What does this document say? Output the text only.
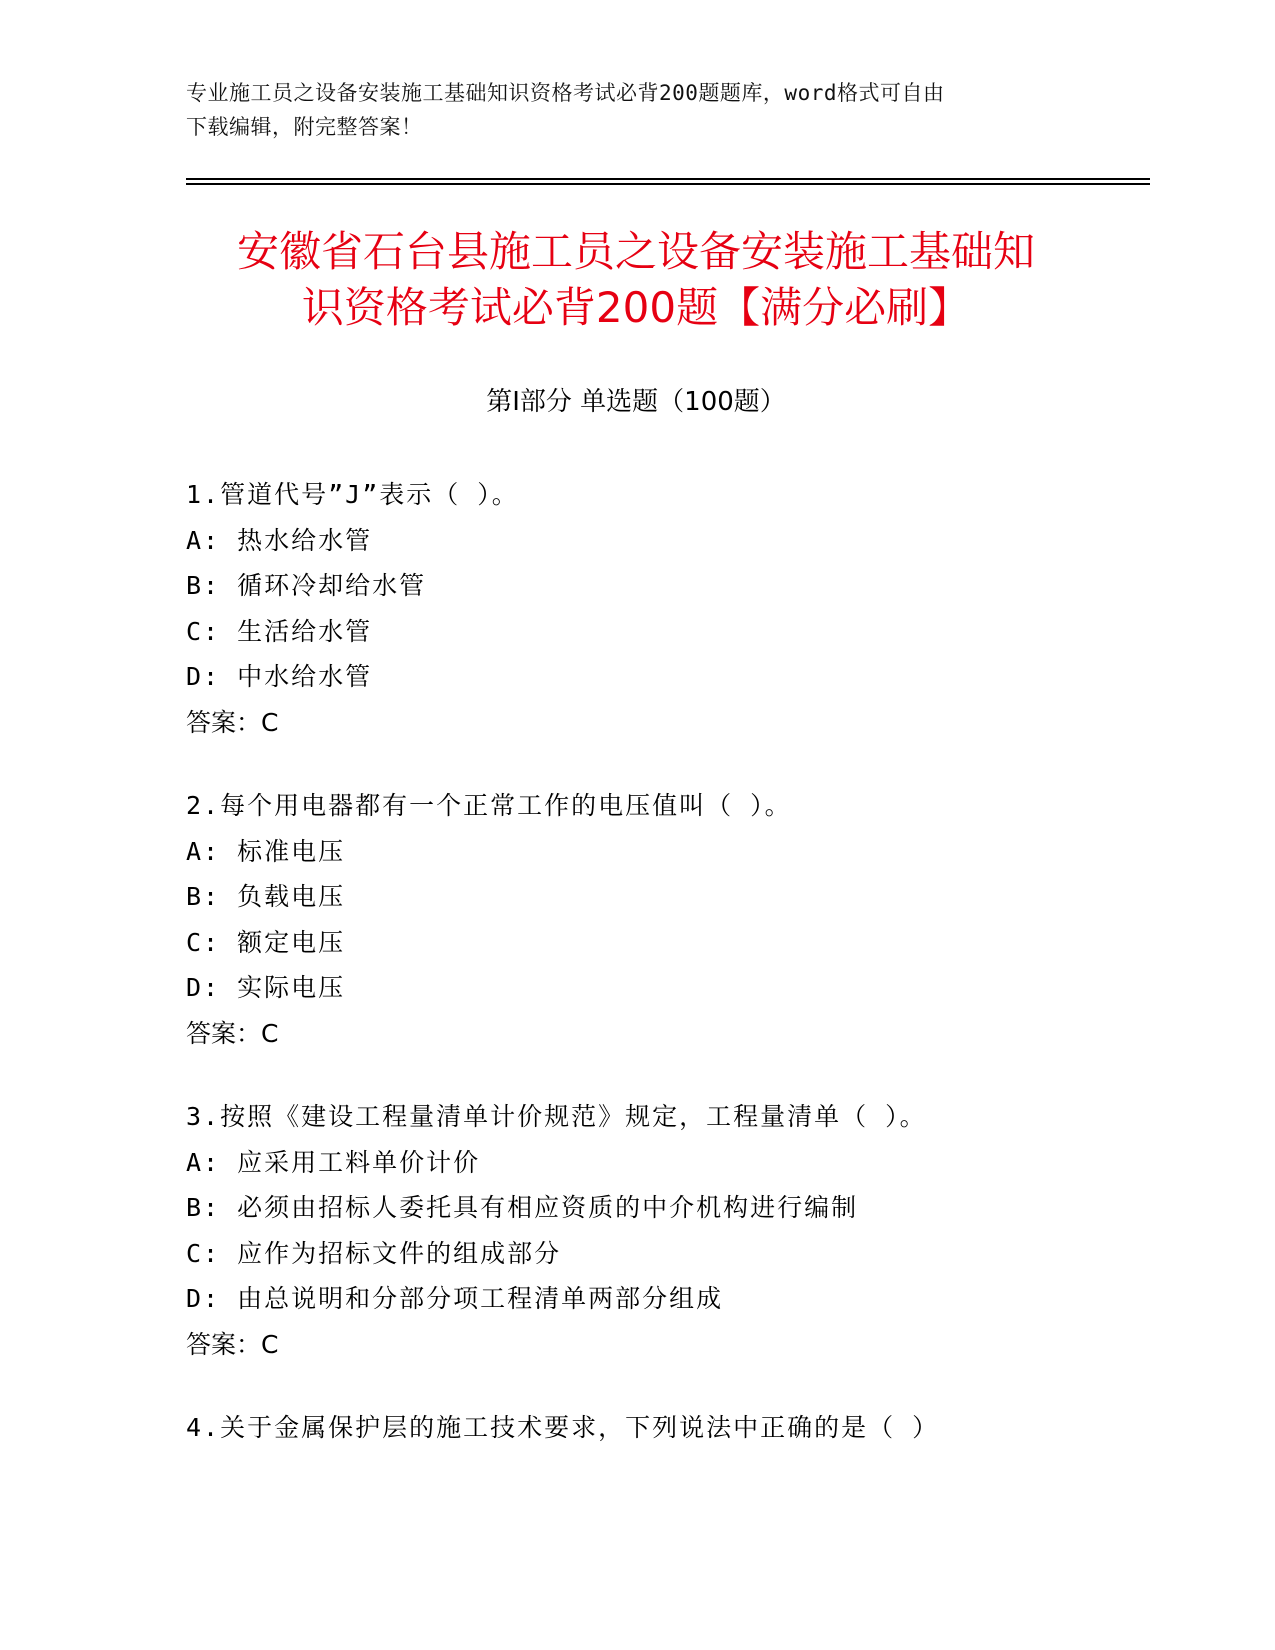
专业施工员之设备安装施工基础知识资格考试必背200题题库，word格式可自由
下载编辑，附完整答案！
安徽省石台县施工员之设备安装施工基础知
识资格考试必背200题【满分必刷】
第Ⅰ部分 单选题（100题）
1.管道代号”J”表示（ ）。
A: 热水给水管
B: 循环冷却给水管
C: 生活给水管
D: 中水给水管
答案：C
2.每个用电器都有一个正常工作的电压值叫（ ）。
A: 标准电压
B: 负载电压
C: 额定电压
D: 实际电压
答案：C
3.按照《建设工程量清单计价规范》规定，工程量清单（ ）。
A: 应采用工料单价计价
B: 必须由招标人委托具有相应资质的中介机构进行编制
C: 应作为招标文件的组成部分
D: 由总说明和分部分项工程清单两部分组成
答案：C
4.关于金属保护层的施工技术要求，下列说法中正确的是（ ）
